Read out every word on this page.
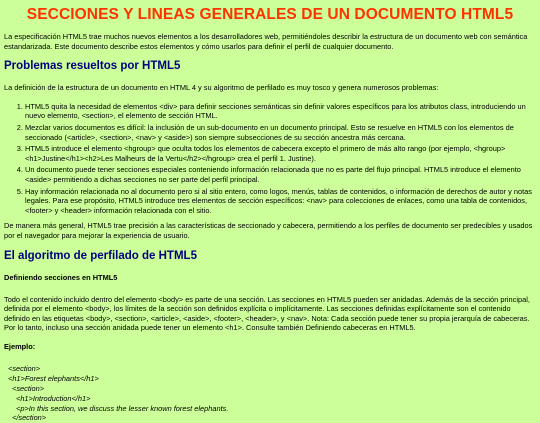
SECCIONES Y LINEAS GENERALES DE UN DOCUMENTO HTML5

La especificación HTML5 trae muchos nuevos elementos a los desarrolladores web, permitiéndoles describir la estructura de un documento web con semántica estandarizada. Este documento describe estos elementos y cómo usarlos para definir el perfil de cualquier documento.

Problemas resueltos por HTML5

La definición de la estructura de un documento en HTML 4 y su algoritmo de perfilado es muy tosco y genera numerosos problemas:

1. HTML5 quita la necesidad de elementos <div> para definir secciones semánticas sin definir valores específicos para los atributos class, introduciendo un nuevo elemento, <section>, el elemento de sección HTML.
2. Mezclar varios documentos es difícil: la inclusión de un sub-documento en un documento principal. Esto se resuelve en HTML5 con los elementos de seccionado (<article>, <section>, <nav> y <aside>) son siempre subsecciones de su sección ancestra más cercana.
3. HTML5 introduce el elemento <hgroup> que oculta todos los elementos de cabecera excepto el primero de más alto rango (por ejemplo, <hgroup><h1>Justine</h1><h2>Les Malheurs de la Vertu</h2></hgroup> crea el perfil 1. Justine).
4. Un documento puede tener secciones especiales conteniendo información relacionada que no es parte del flujo principal. HTML5 introduce el elemento <aside> permitiendo a dichas secciones no ser parte del perfil principal.
5. Hay información relacionada no al documento pero si al sitio entero, como logos, menús, tablas de contenidos, o información de derechos de autor y notas legales. Para ese propósito, HTML5 introduce tres elementos de sección específicos: <nav> para colecciones de enlaces, como una tabla de contenidos, <footer> y <header> información relacionada con el sitio.

De manera más general, HTML5 trae precisión a las características de seccionado y cabecera, permitiendo a los perfiles de documento ser predecibles y usados por el navegador para mejorar la experiencia de usuario.

El algoritmo de perfilado de HTML5
Definiendo secciones en HTML5

Todo el contenido incluido dentro del elemento <body> es parte de una sección. Las secciones en HTML5 pueden ser anidadas. Además de la sección principal, definida por el elemento <body>, los límites de la sección son definidos explícita o implícitamente. Las secciones definidas explícitamente son el contenido definido en las etiquetas <body>, <section>, <article>, <aside>, <footer>, <header>, y <nav>. Nota: Cada sección puede tener su propia jerarquía de cabeceras. Por lo tanto, incluso una sección anidada puede tener un elemento <h1>. Consulte también Definiendo cabeceras en HTML5.

Ejemplo:
<section>
<h1>Forest elephants</h1>
<section>
<h1>Introduction</h1>
<p>In this section, we discuss the lesser known forest elephants.
</section>
